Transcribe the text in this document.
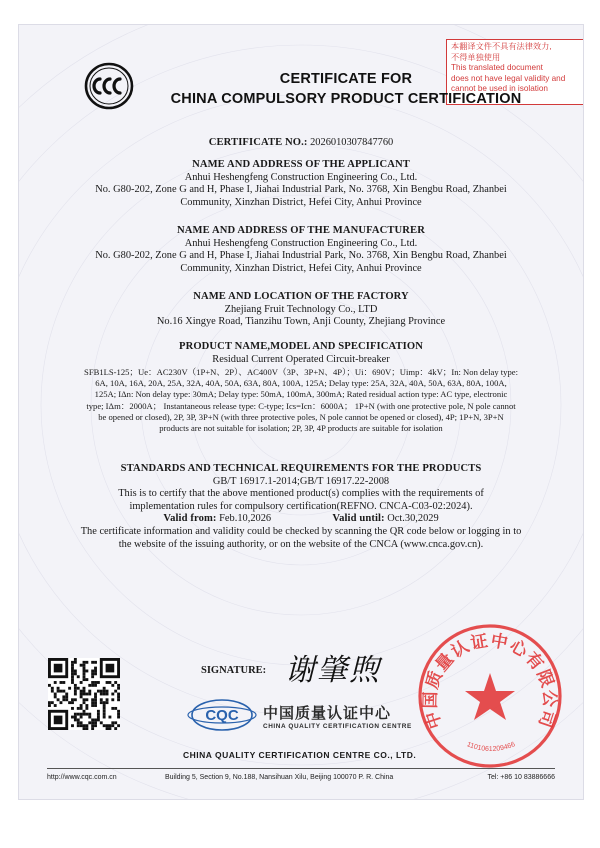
本翻译文件不具有法律效力,
不得单独使用
This translated document
does not have legal validity and
cannot be used in isolation
CERTIFICATE FOR
CHINA COMPULSORY PRODUCT CERTIFICATION
CERTIFICATE NO.: 2026010307847760
NAME AND ADDRESS OF THE APPLICANT
Anhui Heshengfeng Construction Engineering Co., Ltd.
No. G80-202, Zone G and H, Phase I, Jiahai Industrial Park, No. 3768, Xin Bengbu Road, Zhanbei
Community, Xinzhan District, Hefei City, Anhui Province
NAME AND ADDRESS OF THE MANUFACTURER
Anhui Heshengfeng Construction Engineering Co., Ltd.
No. G80-202, Zone G and H, Phase I, Jiahai Industrial Park, No. 3768, Xin Bengbu Road, Zhanbei
Community, Xinzhan District, Hefei City, Anhui Province
NAME AND LOCATION OF THE FACTORY
Zhejiang Fruit Technology Co., LTD
No.16 Xingye Road, Tianzihu Town, Anji County, Zhejiang Province
PRODUCT NAME,MODEL AND SPECIFICATION
Residual Current Operated Circuit-breaker
SFB1LS-125；Ue：AC230V（1P+N、2P）、AC400V（3P、3P+N、4P）；Ui：690V；Uimp：4kV；In: Non delay type:
6A, 10A, 16A, 20A, 25A, 32A, 40A, 50A, 63A, 80A, 100A, 125A; Delay type: 25A, 32A, 40A, 50A, 63A, 80A, 100A,
125A; IΔn: Non delay type: 30mA; Delay type: 50mA, 100mA, 300mA; Rated residual action type: AC type, electronic
type; IΔm：2000A； Instantaneous release type: C-type; Ics=Icn：6000A； 1P+N (with one protective pole, N pole cannot
be opened or closed), 2P, 3P, 3P+N (with three protective poles, N pole cannot be opened or closed), 4P; 1P+N, 3P+N
products are not suitable for isolation; 2P, 3P, 4P products are suitable for isolation
STANDARDS AND TECHNICAL REQUIREMENTS FOR THE PRODUCTS
GB/T 16917.1-2014;GB/T 16917.22-2008
This is to certify that the above mentioned product(s) complies with the requirements of
implementation rules for compulsory certification(REFNO. CNCA-C03-02:2024).
Valid from: Feb.10,2026	Valid until: Oct.30,2029
The certificate information and validity could be checked by scanning the QR code below or logging in to
the website of the issuing authority, or on the website of the CNCA (www.cnca.gov.cn).
SIGNATURE: 谢肇煦
CQC 中国质量认证中心
CHINA QUALITY CERTIFICATION CENTRE
CHINA QUALITY CERTIFICATION CENTRE CO., LTD.
中国质量认证中心有限公司
1101061209466
http://www.cqc.com.cn	Building 5, Section 9, No.188, Nansihuan Xilu, Beijing 100070 P. R. China	Tel: +86 10 83886666
